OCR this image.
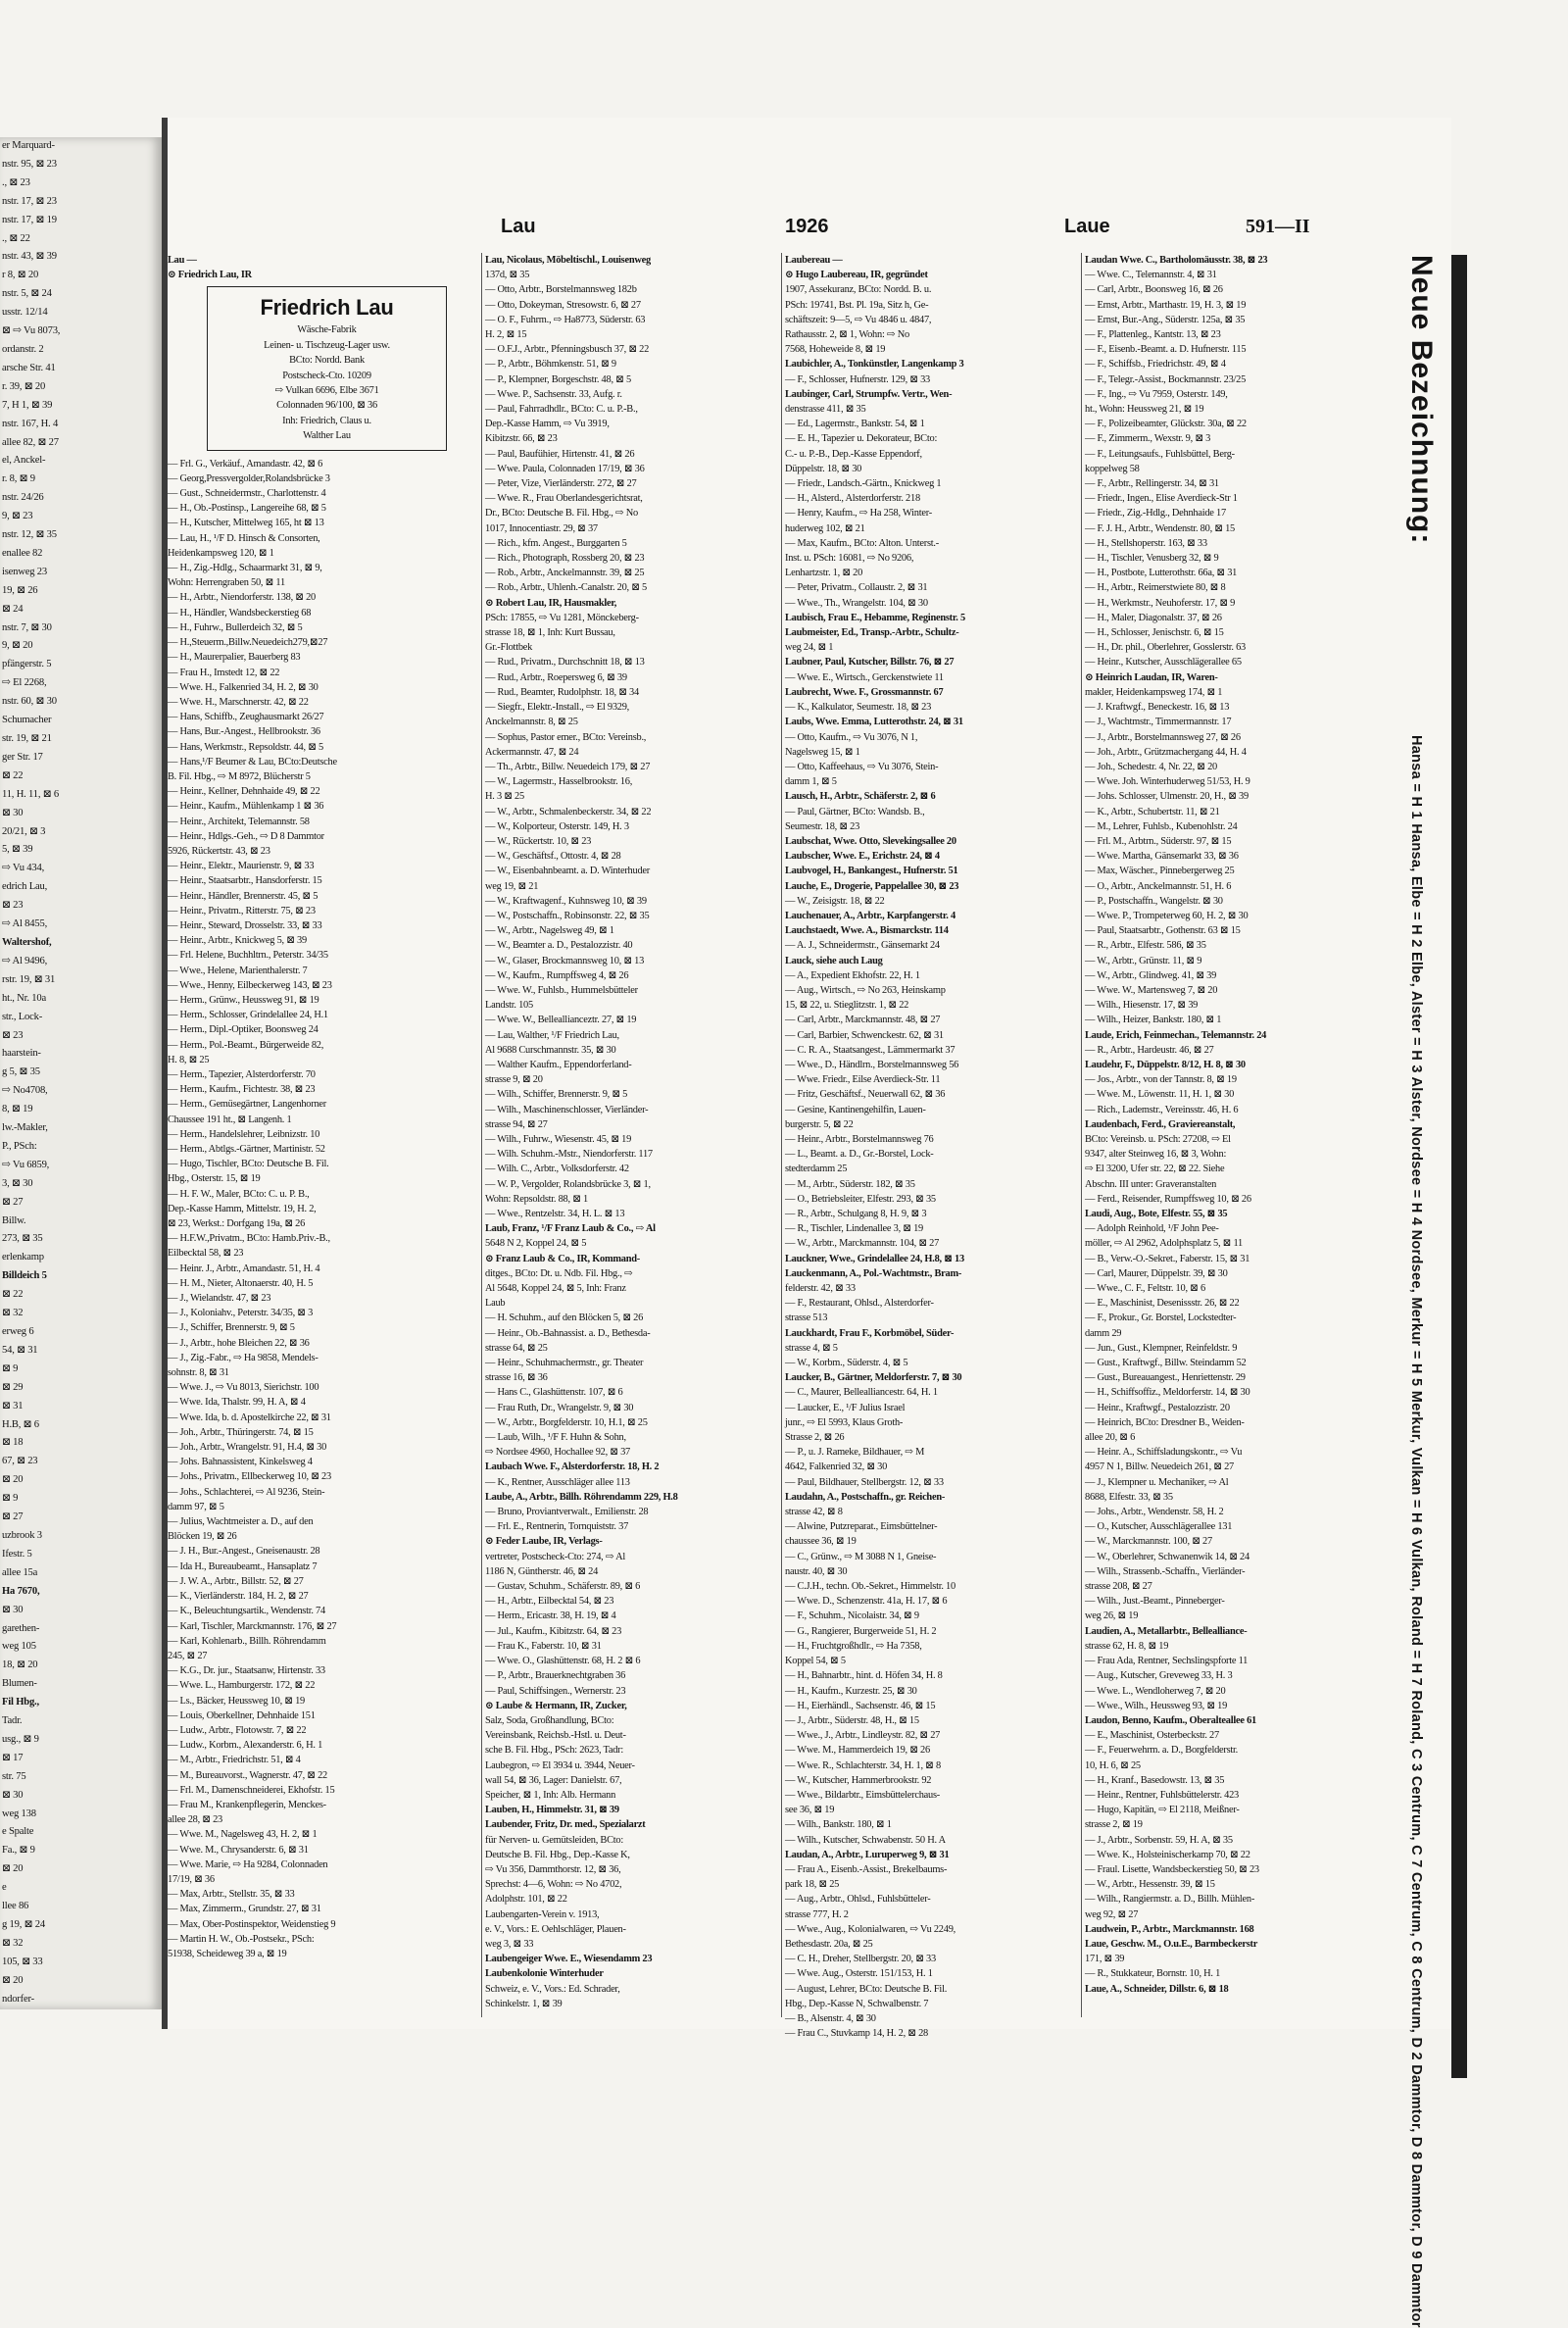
er Marquard-
nstr. 95, ⊠ 23
., ⊠ 23
nstr. 17, ⊠ 23
nstr. 17, ⊠ 19
., ⊠ 22
nstr. 43, ⊠ 39
r 8, ⊠ 20
nstr. 5, ⊠ 24
usstr. 12/14
⊠ ⇨ Vu 8073,
ordanstr. 2
arsche Str. 41
r. 39, ⊠ 20
7, H 1, ⊠ 39
nstr. 167, H. 4
allee 82, ⊠ 27
el, Anckel-
r. 8, ⊠ 9
nstr. 24/26
9, ⊠ 23
nstr. 12, ⊠ 35
enallee 82
isenweg 23
19, ⊠ 26
⊠ 24
nstr. 7, ⊠ 30
9, ⊠ 20
pfängerstr. 5
⇨ El 2268,
nstr. 60, ⊠ 30
Schumacher
str. 19, ⊠ 21
ger Str. 17
⊠ 22
11, H. 11, ⊠ 6
⊠ 30
20/21, ⊠ 3
5, ⊠ 39
⇨ Vu 434,
edrich Lau,
⊠ 23
⇨ Al 8455,
Waltershof,
⇨ Al 9496,
rstr. 19, ⊠ 31
ht., Nr. 10a
str., Lock-
⊠ 23
haarstein-
g 5, ⊠ 35
⇨ No4708,
8, ⊠ 19
lw.-Makler,
P., PSch:
⇨ Vu 6859,
3, ⊠ 30
⊠ 27
Billw.
273, ⊠ 35
erlenkamp
Billdeich 5
⊠ 22
⊠ 32
erweg 6
54, ⊠ 31
⊠ 9
⊠ 29
⊠ 31
H.B, ⊠ 6
⊠ 18
67, ⊠ 23
⊠ 20
⊠ 9
⊠ 27
uzbrook 3
Ifestr. 5
allee 15a
Ha 7670,
⊠ 30
garethen-
weg 105
18, ⊠ 20
Blumen-
Fil Hbg.,
Tadr.
usg., ⊠ 9
⊠ 17
str. 75
⊠ 30
weg 138
e Spalte
Fa., ⊠ 9
⊠ 20
e
llee 86
g 19, ⊠ 24
⊠ 32
105, ⊠ 33
⊠ 20
ndorfer-
Lau	1926	Laue	591—II
Lau —
⊙ Friedrich Lau, IR
Friedrich Lau
Wäsche-Fabrik
Leinen- u. Tischzeug-Lager usw.
BCto: Nordd. Bank
Postscheck-Cto. 10209
⇨ Vulkan 6696, Elbe 3671
Colonnaden 96/100, ⊠ 36
Inh: Friedrich, Claus u.
Walther Lau
— Frl. G., Verkäuf., Amandastr. 42, ⊠ 6
— Georg,Pressvergolder,Rolandsbrücke 3
— Gust., Schneidermstr., Charlottenstr. 4
— H., Ob.-Postinsp., Langereihe 68, ⊠ 5
— H., Kutscher, Mittelweg 165, ht ⊠ 13
— Lau, H., ¹/F D. Hinsch & Consorten,
Heidenkampsweg 120, ⊠ 1
— H., Zig.-Hdlg., Schaarmarkt 31, ⊠ 9,
Wohn: Herrengraben 50, ⊠ 11
— H., Arbtr., Niendorferstr. 138, ⊠ 20
— H., Händler, Wandsbeckerstieg 68
— H., Fuhrw., Bullerdeich 32, ⊠ 5
— H.,Steuerm.,Billw.Neuedeich279,⊠27
— H., Maurerpalier, Bauerberg 83
— Frau H., Imstedt 12, ⊠ 22
— Wwe. H., Falkenried 34, H. 2, ⊠ 30
— Wwe. H., Marschnerstr. 42, ⊠ 22
— Hans, Schiffb., Zeughausmarkt 26/27
— Hans, Bur.-Angest., Hellbrookstr. 36
— Hans, Werkmstr., Repsoldstr. 44, ⊠ 5
— Hans,¹/F Beumer & Lau, BCto:Deutsche
B. Fil. Hbg., ⇨ M 8972, Blücherstr 5
— Heinr., Kellner, Dehnhaide 49, ⊠ 22
— Heinr., Kaufm., Mühlenkamp 1 ⊠ 36
— Heinr., Architekt, Telemannstr. 58
— Heinr., Hdlgs.-Geh., ⇨ D 8 Dammtor
5926, Rückertstr. 43, ⊠ 23
— Heinr., Elektr., Maurienstr. 9, ⊠ 33
— Heinr., Staatsarbtr., Hansdorferstr. 15
— Heinr., Händler, Brennerstr. 45, ⊠ 5
— Heinr., Privatm., Ritterstr. 75, ⊠ 23
— Heinr., Steward, Drosselstr. 33, ⊠ 33
— Heinr., Arbtr., Knickweg 5, ⊠ 39
— Frl. Helene, Buchhltrn., Peterstr. 34/35
— Wwe., Helene, Marienthalerstr. 7
— Wwe., Henny, Eilbeckerweg 143, ⊠ 23
— Herm., Grünw., Heussweg 91, ⊠ 19
— Herm., Schlosser, Grindelallee 24, H.1
— Herm., Dipl.-Optiker, Boonsweg 24
— Herm., Pol.-Beamt., Bürgerweide 82,
H. 8, ⊠ 25
— Herm., Tapezier, Alsterdorferstr. 70
— Herm., Kaufm., Fichtestr. 38, ⊠ 23
— Herm., Gemüsegärtner, Langenhorner
Chaussee 191 ht., ⊠ Langenh. 1
— Herm., Handelslehrer, Leibnizstr. 10
— Herm., Abtlgs.-Gärtner, Martinistr. 52
— Hugo, Tischler, BCto: Deutsche B. Fil.
Hbg., Osterstr. 15, ⊠ 19
— H. F. W., Maler, BCto: C. u. P. B.,
Dep.-Kasse Hamm, Mittelstr. 19, H. 2,
⊠ 23, Werkst.: Dorfgang 19a, ⊠ 26
— H.F.W.,Privatm., BCto: Hamb.Priv.-B.,
Eilbecktal 58, ⊠ 23
— Heinr. J., Arbtr., Amandastr. 51, H. 4
— H. M., Nieter, Altonaerstr. 40, H. 5
— J., Wielandstr. 47, ⊠ 23
— J., Koloniahv., Peterstr. 34/35, ⊠ 3
— J., Schiffer, Brennerstr. 9, ⊠ 5
— J., Arbtr., hohe Bleichen 22, ⊠ 36
— J., Zig.-Fabr., ⇨ Ha 9858, Mendels-
sohnstr. 8, ⊠ 31
— Wwe. J., ⇨ Vu 8013, Sierichstr. 100
— Wwe. Ida, Thalstr. 99, H. A, ⊠ 4
— Wwe. Ida, b. d. Apostelkirche 22, ⊠ 31
— Joh., Arbtr., Thüringerstr. 74, ⊠ 15
— Joh., Arbtr., Wrangelstr. 91, H.4, ⊠ 30
— Johs. Bahnassistent, Kinkelsweg 4
— Johs., Privatm., Ellbeckerweg 10, ⊠ 23
— Johs., Schlachterei, ⇨ Al 9236, Stein-
damm 97, ⊠ 5
— Julius, Wachtmeister a. D., auf den
Blöcken 19, ⊠ 26
— J. H., Bur.-Angest., Gneisenaustr. 28
— Ida H., Bureaubeamt., Hansaplatz 7
— J. W. A., Arbtr., Billstr. 52, ⊠ 27
— K., Vierländerstr. 184, H. 2, ⊠ 27
— K., Beleuchtungsartik., Wendenstr. 74
— Karl, Tischler, Marckmannstr. 176, ⊠ 27
— Karl, Kohlenarb., Billh. Röhrendamm
245, ⊠ 27
— K.G., Dr. jur., Staatsanw, Hirtenstr. 33
— Wwe. L., Hamburgerstr. 172, ⊠ 22
— Ls., Bäcker, Heussweg 10, ⊠ 19
— Louis, Oberkellner, Dehnhaide 151
— Ludw., Arbtr., Flotowstr. 7, ⊠ 22
— Ludw., Korbm., Alexanderstr. 6, H. 1
— M., Arbtr., Friedrichstr. 51, ⊠ 4
— M., Bureauvorst., Wagnerstr. 47, ⊠ 22
— Frl. M., Damenschneiderei, Ekhofstr. 15
— Frau M., Krankenpflegerin, Menckes-
allee 28, ⊠ 23
— Wwe. M., Nagelsweg 43, H. 2, ⊠ 1
— Wwe. M., Chrysanderstr. 6, ⊠ 31
— Wwe. Marie, ⇨ Ha 9284, Colonnaden
17/19, ⊠ 36
— Max, Arbtr., Stellstr. 35, ⊠ 33
— Max, Zimmerm., Grundstr. 27, ⊠ 31
— Max, Ober-Postinspektor, Weidenstieg 9
— Martin H. W., Ob.-Postsekr., PSch:
51938, Scheideweg 39 a, ⊠ 19
Lau, Nicolaus, Möbeltischl., Louisenweg
137d, ⊠ 35
— Otto, Arbtr., Borstelmannsweg 182b
— Otto, Dokeyman, Stresowstr. 6, ⊠ 27
— O. F., Fuhrm., ⇨ Ha8773, Süderstr. 63
H. 2, ⊠ 15
— O.F.J., Arbtr., Pfenningsbusch 37, ⊠ 22
— P., Arbtr., Böhmkenstr. 51, ⊠ 9
— P., Klempner, Borgeschstr. 48, ⊠ 5
— Wwe. P., Sachsenstr. 33, Aufg. r.
— Paul, Fahrradhdlr., BCto: C. u. P.-B.,
Dep.-Kasse Hamm, ⇨ Vu 3919,
Kibitzstr. 66, ⊠ 23
— Paul, Baufühier, Hirtenstr. 41, ⊠ 26
— Wwe. Paula, Colonnaden 17/19, ⊠ 36
— Peter, Vize, Vierländerstr. 272, ⊠ 27
— Wwe. R., Frau Oberlandesgerichtsrat,
Dr., BCto: Deutsche B. Fil. Hbg., ⇨ No
1017, Innocentiastr. 29, ⊠ 37
— Rich., kfm. Angest., Burggarten 5
— Rich., Photograph, Rossberg 20, ⊠ 23
— Rob., Arbtr., Anckelmannstr. 39, ⊠ 25
— Rob., Arbtr., Uhlenh.-Canalstr. 20, ⊠ 5
⊙ Robert Lau, IR, Hausmakler,
PSch: 17855, ⇨ Vu 1281, Mönckeberg-
strasse 18, ⊠ 1, Inh: Kurt Bussau,
Gr.-Flottbek
— Rud., Privatm., Durchschnitt 18, ⊠ 13
— Rud., Arbtr., Roepersweg 6, ⊠ 39
— Rud., Beamter, Rudolphstr. 18, ⊠ 34
— Siegfr., Elektr.-Install., ⇨ El 9329,
Anckelmannstr. 8, ⊠ 25
— Sophus, Pastor emer., BCto: Vereinsb.,
Ackermannstr. 47, ⊠ 24
— Th., Arbtr., Billw. Neuedeich 179, ⊠ 27
— W., Lagermstr., Hasselbrookstr. 16,
H. 3 ⊠ 25
— W., Arbtr., Schmalenbeckerstr. 34, ⊠ 22
— W., Kolporteur, Osterstr. 149, H. 3
— W., Rückertstr. 10, ⊠ 23
— W., Geschäftsf., Ottostr. 4, ⊠ 28
— W., Eisenbahnbeamt. a. D. Winterhuder
weg 19, ⊠ 21
— W., Kraftwagenf., Kuhnsweg 10, ⊠ 39
— W., Postschaffn., Robinsonstr. 22, ⊠ 35
— W., Arbtr., Nagelsweg 49, ⊠ 1
— W., Beamter a. D., Pestalozzistr. 40
— W., Glaser, Brockmannsweg 10, ⊠ 13
— W., Kaufm., Rumpffsweg 4, ⊠ 26
— Wwe. W., Fuhlsb., Hummelsbütteler
Landstr. 105
— Wwe. W., Belleallianceztr. 27, ⊠ 19
— Lau, Walther, ¹/F Friedrich Lau,
Al 9688 Curschmannstr. 35, ⊠ 30
— Walther Kaufm., Eppendorferland-
strasse 9, ⊠ 20
— Wilh., Schiffer, Brennerstr. 9, ⊠ 5
— Wilh., Maschinenschlosser, Vierländer-
strasse 94, ⊠ 27
— Wilh., Fuhrw., Wiesenstr. 45, ⊠ 19
— Wilh. Schuhm.-Mstr., Niendorferstr. 117
— Wilh. C., Arbtr., Volksdorferstr. 42
— W. P., Vergolder, Rolandsbrücke 3, ⊠ 1,
Wohn: Repsoldstr. 88, ⊠ 1
— Wwe., Rentzelstr. 34, H. L. ⊠ 13
Laub, Franz, ¹/F Franz Laub & Co., ⇨ Al
5648 N 2, Koppel 24, ⊠ 5
⊙ Franz Laub & Co., IR, Kommand-
ditges., BCto: Dt. u. Ndb. Fil. Hbg., ⇨
Al 5648, Koppel 24, ⊠ 5, Inh: Franz
Laub
— H. Schuhm., auf den Blöcken 5, ⊠ 26
— Heinr., Ob.-Bahnassist. a. D., Bethesda-
strasse 64, ⊠ 25
— Heinr., Schuhmachermstr., gr. Theater
strasse 16, ⊠ 36
— Hans C., Glashüttenstr. 107, ⊠ 6
— Frau Ruth, Dr., Wrangelstr. 9, ⊠ 30
— W., Arbtr., Borgfelderstr. 10, H.1, ⊠ 25
— Laub, Wilh., ¹/F F. Huhn & Sohn,
⇨ Nordsee 4960, Hochallee 92, ⊠ 37
Laubach Wwe. F., Alsterdorferstr. 18, H. 2
— K., Rentner, Ausschläger allee 113
Laube, A., Arbtr., Billh. Röhrendamm 229, H.8
— Bruno, Proviantverwalt., Emilienstr. 28
— Frl. E., Rentnerin, Tornquiststr. 37
⊙ Feder Laube, IR, Verlags-
vertreter, Postscheck-Cto: 274, ⇨ Al
1186 N, Güntherstr. 46, ⊠ 24
— Gustav, Schuhm., Schäferstr. 89, ⊠ 6
— H., Arbtr., Eilbecktal 54, ⊠ 23
— Herm., Ericastr. 38, H. 19, ⊠ 4
— Jul., Kaufm., Kibitzstr. 64, ⊠ 23
— Frau K., Faberstr. 10, ⊠ 31
— Wwe. O., Glashüttenstr. 68, H. 2 ⊠ 6
— P., Arbtr., Brauerknechtgraben 36
— Paul, Schiffsingen., Wernerstr. 23
⊙ Laube & Hermann, IR, Zucker,
Salz, Soda, Großhandlung, BCto:
Vereinsbank, Reichsb.-Hstl. u. Deut-
sche B. Fil. Hbg., PSch: 2623, Tadr:
Laubegron, ⇨ El 3934 u. 3944, Neuer-
wall 54, ⊠ 36, Lager: Danielstr. 67,
Speicher, ⊠ 1, Inh: Alb. Hermann
Lauben, H., Himmelstr. 31, ⊠ 39
Laubender, Fritz, Dr. med., Spezialarzt
für Nerven- u. Gemütsleiden, BCto:
Deutsche B. Fil. Hbg., Dep.-Kasse K,
⇨ Vu 356, Dammthorstr. 12, ⊠ 36,
Sprechst: 4—6, Wohn: ⇨ No 4702,
Adolphstr. 101, ⊠ 22
Laubengarten-Verein v. 1913,
e. V., Vors.: E. Oehlschläger, Plauen-
weg 3, ⊠ 33
Laubengeiger Wwe. E., Wiesendamm 23
Laubenkolonie Winterhuder
Schweiz, e. V., Vors.: Ed. Schrader,
Schinkelstr. 1, ⊠ 39
Laubereau —
⊙ Hugo Laubereau, IR, gegründet
1907, Assekuranz, BCto: Nordd. B. u.
PSch: 19741, Bst. Pl. 19a, Sitz h, Ge-
schäftszeit: 9—5, ⇨ Vu 4846 u. 4847,
Rathausstr. 2, ⊠ 1, Wohn: ⇨ No
7568, Hoheweide 8, ⊠ 19
Laubichler, A., Tonkünstler, Langenkamp 3
— F., Schlosser, Hufnerstr. 129, ⊠ 33
Laubinger, Carl, Strumpfw. Vertr., Wen-
denstrasse 411, ⊠ 35
— Ed., Lagermstr., Bankstr. 54, ⊠ 1
— E. H., Tapezier u. Dekorateur, BCto:
C.- u. P.-B., Dep.-Kasse Eppendorf,
Düppelstr. 18, ⊠ 30
— Friedr., Landsch.-Gärtn., Knickweg 1
— H., Alsterd., Alsterdorferstr. 218
— Henry, Kaufm., ⇨ Ha 258, Winter-
huderweg 102, ⊠ 21
— Max, Kaufm., BCto: Alton. Unterst.-
Inst. u. PSch: 16081, ⇨ No 9206,
Lenhartzstr. 1, ⊠ 20
— Peter, Privatm., Collaustr. 2, ⊠ 31
— Wwe., Th., Wrangelstr. 104, ⊠ 30
Laubisch, Frau E., Hebamme, Reginenstr. 5
Laubmeister, Ed., Transp.-Arbtr., Schultz-
weg 24, ⊠ 1
Laubner, Paul, Kutscher, Billstr. 76, ⊠ 27
— Wwe. E., Wirtsch., Gerckenstwiete 11
Laubrecht, Wwe. F., Grossmannstr. 67
— K., Kalkulator, Seumestr. 18, ⊠ 23
Laubs, Wwe. Emma, Lutterothstr. 24, ⊠ 31
— Otto, Kaufm., ⇨ Vu 3076, N 1,
Nagelsweg 15, ⊠ 1
— Otto, Kaffeehaus, ⇨ Vu 3076, Stein-
damm 1, ⊠ 5
Lausch, H., Arbtr., Schäferstr. 2, ⊠ 6
— Paul, Gärtner, BCto: Wandsb. B.,
Seumestr. 18, ⊠ 23
Laubschat, Wwe. Otto, Slevekingsallee 20
Laubscher, Wwe. E., Erichstr. 24, ⊠ 4
Laubvogel, H., Bankangest., Hufnerstr. 51
Lauche, E., Drogerie, Pappelallee 30, ⊠ 23
— W., Zeisigstr. 18, ⊠ 22
Lauchenauer, A., Arbtr., Karpfangerstr. 4
Lauchstaedt, Wwe. A., Bismarckstr. 114
— A. J., Schneidermstr., Gänsemarkt 24
Lauck, siehe auch Laug
— A., Expedient Ekhofstr. 22, H. 1
— Aug., Wirtsch., ⇨ No 263, Heinskamp
15, ⊠ 22, u. Stieglitzstr. 1, ⊠ 22
— Carl, Arbtr., Marckmannstr. 48, ⊠ 27
— Carl, Barbier, Schwenckestr. 62, ⊠ 31
— C. R. A., Staatsangest., Lämmermarkt 37
— Wwe., D., Händlrn., Borstelmannsweg 56
— Wwe. Friedr., Eilse Averdieck-Str. 11
— Fritz, Geschäftsf., Neuerwall 62, ⊠ 36
— Gesine, Kantinengehilfin, Lauen-
burgerstr. 5, ⊠ 22
— Heinr., Arbtr., Borstelmannsweg 76
— L., Beamt. a. D., Gr.-Borstel, Lock-
stedterdamm 25
— M., Arbtr., Süderstr. 182, ⊠ 35
— O., Betriebsleiter, Elfestr. 293, ⊠ 35
— R., Arbtr., Schulgang 8, H. 9, ⊠ 3
— R., Tischler, Lindenallee 3, ⊠ 19
— W., Arbtr., Marckmannstr. 104, ⊠ 27
Lauckner, Wwe., Grindelallee 24, H.8, ⊠ 13
Lauckenmann, A., Pol.-Wachtmstr., Bram-
felderstr. 42, ⊠ 33
— F., Restaurant, Ohlsd., Alsterdorfer-
strasse 513
Lauckhardt, Frau F., Korbmöbel, Süder-
strasse 4, ⊠ 5
— W., Korbm., Süderstr. 4, ⊠ 5
Laucker, B., Gärtner, Meldorferstr. 7, ⊠ 30
— C., Maurer, Bellealliancestr. 64, H. 1
— Laucker, E., ¹/F Julius Israel
junr., ⇨ El 5993, Klaus Groth-
Strasse 2, ⊠ 26
— P., u. J. Rameke, Bildhauer, ⇨ M
4642, Falkenried 32, ⊠ 30
— Paul, Bildhauer, Stellbergstr. 12, ⊠ 33
Laudahn, A., Postschaffn., gr. Reichen-
strasse 42, ⊠ 8
— Alwine, Putzreparat., Eimsbüttelner-
chaussee 36, ⊠ 19
— C., Grünw., ⇨ M 3088 N 1, Gneise-
naustr. 40, ⊠ 30
— C.J.H., techn. Ob.-Sekret., Himmelstr. 10
— Wwe. D., Schenzenstr. 41a, H. 17, ⊠ 6
— F., Schuhm., Nicolaistr. 34, ⊠ 9
— G., Rangierer, Burgerweide 51, H. 2
— H., Fruchtgroßhdlr., ⇨ Ha 7358,
Koppel 54, ⊠ 5
— H., Bahnarbtr., hint. d. Höfen 34, H. 8
— H., Kaufm., Kurzestr. 25, ⊠ 30
— H., Eierhändl., Sachsenstr. 46, ⊠ 15
— J., Arbtr., Süderstr. 48, H., ⊠ 15
— Wwe., J., Arbtr., Lindleystr. 82, ⊠ 27
— Wwe. M., Hammerdeich 19, ⊠ 26
— Wwe. R., Schlachterstr. 34, H. 1, ⊠ 8
— W., Kutscher, Hammerbrookstr. 92
— Wwe., Bildarbtr., Eimsbüttelerchaus-
see 36, ⊠ 19
— Wilh., Bankstr. 180, ⊠ 1
— Wilh., Kutscher, Schwabenstr. 50 H. A
Laudan, A., Arbtr., Luruperweg 9, ⊠ 31
— Frau A., Eisenb.-Assist., Brekelbaums-
park 18, ⊠ 25
— Aug., Arbtr., Ohlsd., Fuhlsbütteler-
strasse 777, H. 2
— Wwe., Aug., Kolonialwaren, ⇨ Vu 2249,
Bethesdastr. 20a, ⊠ 25
— C. H., Dreher, Stellbergstr. 20, ⊠ 33
— Wwe. Aug., Osterstr. 151/153, H. 1
— August, Lehrer, BCto: Deutsche B. Fil.
Hbg., Dep.-Kasse N, Schwalbenstr. 7
— B., Alsenstr. 4, ⊠ 30
— Frau C., Stuvkamp 14, H. 2, ⊠ 28
Laudan Wwe. C., Bartholomäusstr. 38, ⊠ 23
— Wwe. C., Telemannstr. 4, ⊠ 31
— Carl, Arbtr., Boonsweg 16, ⊠ 26
— Ernst, Arbtr., Marthastr. 19, H. 3, ⊠ 19
— Ernst, Bur.-Ang., Süderstr. 125a, ⊠ 35
— F., Plattenleg., Kantstr. 13, ⊠ 23
— F., Eisenb.-Beamt. a. D. Hufnerstr. 115
— F., Schiffsb., Friedrichstr. 49, ⊠ 4
— F., Telegr.-Assist., Bockmannstr. 23/25
— F., Ing., ⇨ Vu 7959, Osterstr. 149,
ht., Wohn: Heussweg 21, ⊠ 19
— F., Polizeibeamter, Glückstr. 30a, ⊠ 22
— F., Zimmerm., Wexstr. 9, ⊠ 3
— F., Leitungsaufs., Fuhlsbüttel, Berg-
koppelweg 58
— F., Arbtr., Rellingerstr. 34, ⊠ 31
— Friedr., Ingen., Elise Averdieck-Str 1
— Friedr., Zig.-Hdlg., Dehnhaide 17
— F. J. H., Arbtr., Wendenstr. 80, ⊠ 15
— H., Stellshoperstr. 163, ⊠ 33
— H., Tischler, Venusberg 32, ⊠ 9
— H., Postbote, Lutterothstr. 66a, ⊠ 31
— H., Arbtr., Reimerstwiete 80, ⊠ 8
— H., Werkmstr., Neuhoferstr. 17, ⊠ 9
— H., Maler, Diagonalstr. 37, ⊠ 26
— H., Schlosser, Jenischstr. 6, ⊠ 15
— H., Dr. phil., Oberlehrer, Gosslerstr. 63
— Heinr., Kutscher, Ausschlägerallee 65
⊙ Heinrich Laudan, IR, Waren-
makler, Heidenkampsweg 174, ⊠ 1
— J. Kraftwgf., Beneckestr. 16, ⊠ 13
— J., Wachtmstr., Timmermannstr. 17
— J., Arbtr., Borstelmannsweg 27, ⊠ 26
— Joh., Arbtr., Grützmachergang 44, H. 4
— Joh., Schedestr. 4, Nr. 22, ⊠ 20
— Wwe. Joh. Winterhuderweg 51/53, H. 9
— Johs. Schlosser, Ulmenstr. 20, H., ⊠ 39
— K., Arbtr., Schubertstr. 11, ⊠ 21
— M., Lehrer, Fuhlsb., Kubenohlstr. 24
— Frl. M., Arbtrn., Süderstr. 97, ⊠ 15
— Wwe. Martha, Gänsemarkt 33, ⊠ 36
— Max, Wäscher., Pinnebergerweg 25
— O., Arbtr., Anckelmannstr. 51, H. 6
— P., Postschaffn., Wangelstr. ⊠ 30
— Wwe. P., Trompeterweg 60, H. 2, ⊠ 30
— Paul, Staatsarbtr., Gothenstr. 63 ⊠ 15
— R., Arbtr., Elfestr. 586, ⊠ 35
— W., Arbtr., Grünstr. 11, ⊠ 9
— W., Arbtr., Glindweg. 41, ⊠ 39
— Wwe. W., Martensweg 7, ⊠ 20
— Wilh., Hiesenstr. 17, ⊠ 39
— Wilh., Heizer, Bankstr. 180, ⊠ 1
Laude, Erich, Feinmechan., Telemannstr. 24
— R., Arbtr., Hardeustr. 46, ⊠ 27
Laudehr, F., Düppelstr. 8/12, H. 8, ⊠ 30
— Jos., Arbtr., von der Tannstr. 8, ⊠ 19
— Wwe. M., Löwenstr. 11, H. 1, ⊠ 30
— Rich., Lademstr., Vereinsstr. 46, H. 6
Laudenbach, Ferd., Graviereanstalt,
BCto: Vereinsb. u. PSch: 27208, ⇨ El
9347, alter Steinweg 16, ⊠ 3, Wohn:
⇨ El 3200, Ufer str. 22, ⊠ 22. Siehe
Abschn. III unter: Graveranstalten
— Ferd., Reisender, Rumpffsweg 10, ⊠ 26
Laudi, Aug., Bote, Elfestr. 55, ⊠ 35
— Adolph Reinhold, ¹/F John Pee-
möller, ⇨ Al 2962, Adolphsplatz 5, ⊠ 11
— B., Verw.-O.-Sekret., Faberstr. 15, ⊠ 31
— Carl, Maurer, Düppelstr. 39, ⊠ 30
— Wwe., C. F., Feltstr. 10, ⊠ 6
— E., Maschinist, Desenissstr. 26, ⊠ 22
— F., Prokur., Gr. Borstel, Lockstedter-
damm 29
— Jun., Gust., Klempner, Reinfeldstr. 9
— Gust., Kraftwgf., Billw. Steindamm 52
— Gust., Bureauangest., Henriettenstr. 29
— H., Schiffsoffiz., Meldorferstr. 14, ⊠ 30
— Heinr., Kraftwgf., Pestalozzistr. 20
— Heinrich, BCto: Dresdner B., Weiden-
allee 20, ⊠ 6
— Heinr. A., Schiffsladungskontr., ⇨ Vu
4957 N 1, Billw. Neuedeich 261, ⊠ 27
— J., Klempner u. Mechaniker, ⇨ Al
8688, Elfestr. 33, ⊠ 35
— Johs., Arbtr., Wendenstr. 58, H. 2
— O., Kutscher, Ausschlägerallee 131
— W., Marckmannstr. 100, ⊠ 27
— W., Oberlehrer, Schwanenwik 14, ⊠ 24
— Wilh., Strassenb.-Schaffn., Vierländer-
strasse 208, ⊠ 27
— Wilh., Just.-Beamt., Pinneberger-
weg 26, ⊠ 19
Laudien, A., Metallarbtr., Bellealliance-
strasse 62, H. 8, ⊠ 19
— Frau Ada, Rentner, Sechslingspforte 11
— Aug., Kutscher, Greveweg 33, H. 3
— Wwe. L., Wendloherweg 7, ⊠ 20
— Wwe., Wilh., Heussweg 93, ⊠ 19
Laudon, Benno, Kaufm., Oberalteallee 61
— E., Maschinist, Osterbeckstr. 27
— F., Feuerwehrm. a. D., Borgfelderstr.
10, H. 6, ⊠ 25
— H., Kranf., Basedowstr. 13, ⊠ 35
— Heinr., Rentner, Fuhlsbüttelerstr. 423
— Hugo, Kapitän, ⇨ El 2118, Meißner-
strasse 2, ⊠ 19
— J., Arbtr., Sorbenstr. 59, H. A, ⊠ 35
— Wwe. K., Holsteinischerkamp 70, ⊠ 22
— Fraul. Lisette, Wandsbeckerstieg 50, ⊠ 23
— W., Arbtr., Hessenstr. 39, ⊠ 15
— Wilh., Rangiermstr. a. D., Billh. Mühlen-
weg 92, ⊠ 27
Laudwein, P., Arbtr., Marckmannstr. 168
Laue, Geschw. M., O.u.E., Barmbeckerstr
171, ⊠ 39
— R., Stukkateur, Bornstr. 10, H. 1
Laue, A., Schneider, Dillstr. 6, ⊠ 18
Neue Bezeichnung:
Hansa = H 1 Hansa, Elbe = H 2 Elbe, Alster = H 3 Alster, Nordsee = H 4 Nordsee, Merkur = H 5 Merkur, Vulkan = H 6 Vulkan, Roland = H 7 Roland, C 3 Centrum, C 7 Centrum, C 8 Centrum, D 2 Dammtor, D 8 Dammtor, D 9 Dammtor
